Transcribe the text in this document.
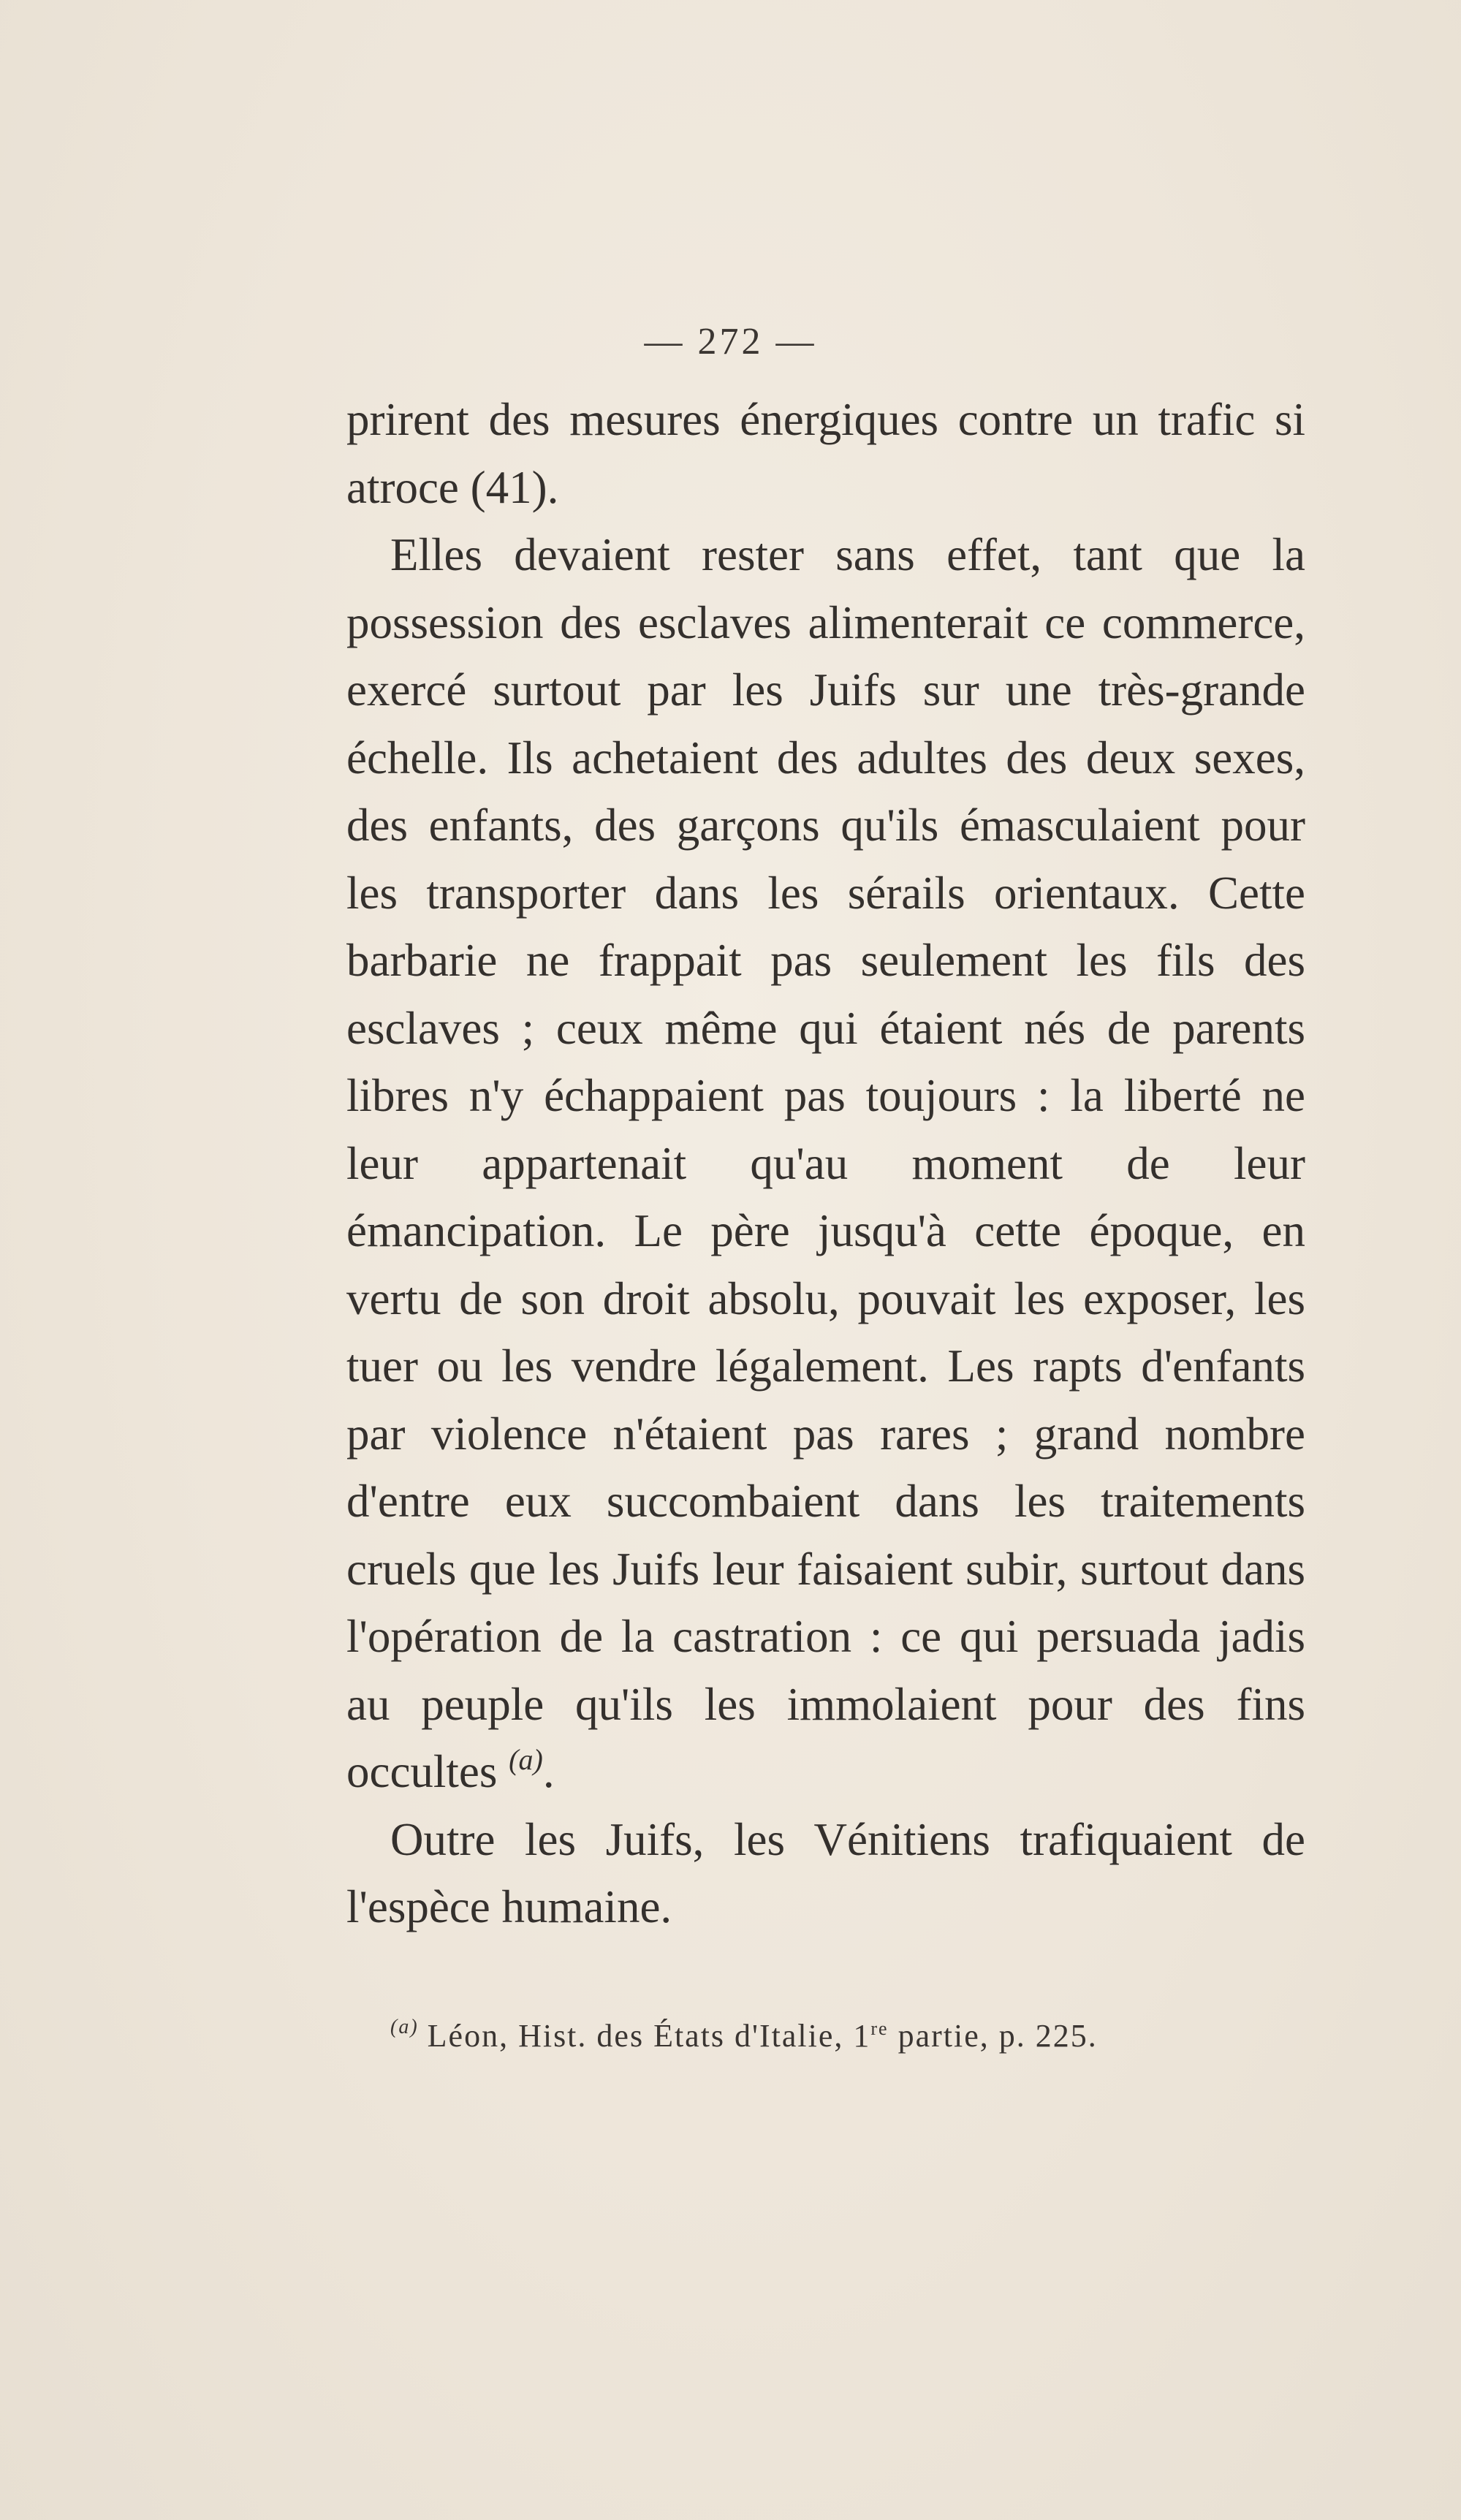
— 272 —

prirent des mesures énergiques contre un trafic si atroce (41).

Elles devaient rester sans effet, tant que la possession des esclaves alimenterait ce commerce, exercé surtout par les Juifs sur une très-grande échelle. Ils achetaient des adultes des deux sexes, des enfants, des garçons qu'ils émasculaient pour les transporter dans les sérails orientaux. Cette barbarie ne frappait pas seulement les fils des esclaves ; ceux même qui étaient nés de parents libres n'y échappaient pas toujours : la liberté ne leur appartenait qu'au moment de leur émancipation. Le père jusqu'à cette époque, en vertu de son droit absolu, pouvait les exposer, les tuer ou les vendre légalement. Les rapts d'enfants par violence n'étaient pas rares ; grand nombre d'entre eux succombaient dans les traitements cruels que les Juifs leur faisaient subir, surtout dans l'opération de la castration : ce qui persuada jadis au peuple qu'ils les immolaient pour des fins occultes $^{(a)}$.

Outre les Juifs, les Vénitiens trafiquaient de l'espèce humaine.

$^{(a)}$ Léon, Hist. des États d'Italie, 1re partie, p. 225.
